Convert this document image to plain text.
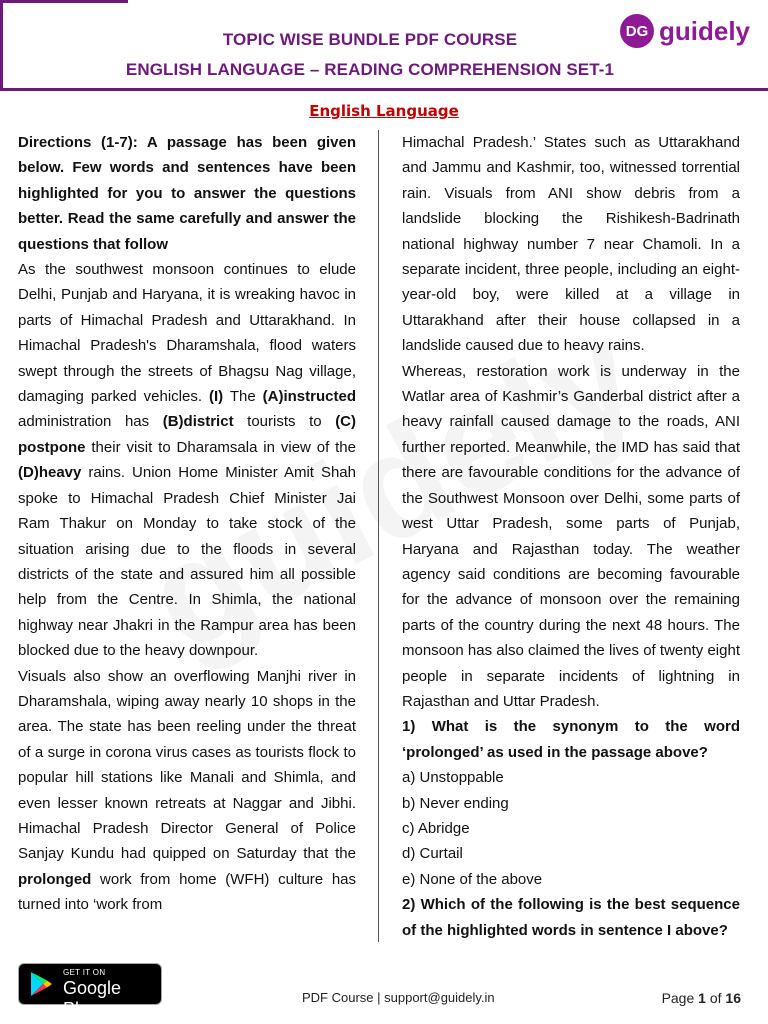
TOPIC WISE BUNDLE PDF COURSE
ENGLISH LANGUAGE – READING COMPREHENSION SET-1
DG guidely
English Language

Directions (1-7): A passage has been given below. Few words and sentences have been highlighted for you to answer the questions better. Read the same carefully and answer the questions that follow

As the southwest monsoon continues to elude Delhi, Punjab and Haryana, it is wreaking havoc in parts of Himachal Pradesh and Uttarakhand. In Himachal Pradesh's Dharamshala, flood waters swept through the streets of Bhagsu Nag village, damaging parked vehicles. (I) The (A)instructed administration has (B)district tourists to (C) postpone their visit to Dharamsala in view of the (D)heavy rains. Union Home Minister Amit Shah spoke to Himachal Pradesh Chief Minister Jai Ram Thakur on Monday to take stock of the situation arising due to the floods in several districts of the state and assured him all possible help from the Centre. In Shimla, the national highway near Jhakri in the Rampur area has been blocked due to the heavy downpour.

Visuals also show an overflowing Manjhi river in Dharamshala, wiping away nearly 10 shops in the area. The state has been reeling under the threat of a surge in corona virus cases as tourists flock to popular hill stations like Manali and Shimla, and even lesser known retreats at Naggar and Jibhi. Himachal Pradesh Director General of Police Sanjay Kundu had quipped on Saturday that the prolonged work from home (WFH) culture has turned into ‘work from

Himachal Pradesh.’ States such as Uttarakhand and Jammu and Kashmir, too, witnessed torrential rain. Visuals from ANI show debris from a landslide blocking the Rishikesh-Badrinath national highway number 7 near Chamoli. In a separate incident, three people, including an eight-year-old boy, were killed at a village in Uttarakhand after their house collapsed in a landslide caused due to heavy rains.

Whereas, restoration work is underway in the Watlar area of Kashmir’s Ganderbal district after a heavy rainfall caused damage to the roads, ANI further reported. Meanwhile, the IMD has said that there are favourable conditions for the advance of the Southwest Monsoon over Delhi, some parts of west Uttar Pradesh, some parts of Punjab, Haryana and Rajasthan today. The weather agency said conditions are becoming favourable for the advance of monsoon over the remaining parts of the country during the next 48 hours. The monsoon has also claimed the lives of twenty eight people in separate incidents of lightning in Rajasthan and Uttar Pradesh.

1) What is the synonym to the word ‘prolonged’ as used in the passage above?

a) Unstoppable

b) Never ending

c) Abridge

d) Curtail

e) None of the above

2) Which of the following is the best sequence of the highlighted words in sentence I above?

GET IT ON
Google Play
PDF Course | support@guidely.in	Page 1 of 16
